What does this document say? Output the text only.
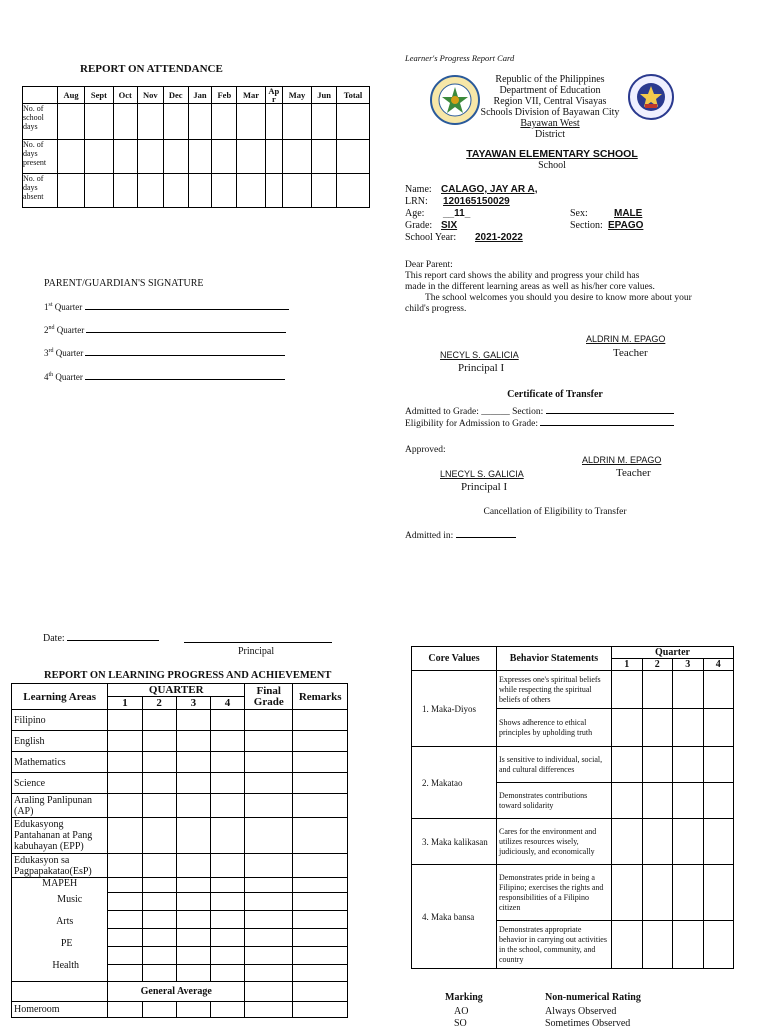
REPORT ON ATTENDANCE
	Aug	Sept	Oct	Nov	Dec	Jan	Feb	Mar	Ap r	May	Jun	Total
No. of school days												
No. of days present												
No. of days absent												
PARENT/GUARDIAN'S SIGNATURE
1st Quarter
2nd Quarter
3rd Quarter
4th Quarter
Learner's Progress Report Card
Republic of the Philippines
Department of Education
Region VII, Central Visayas
Schools Division of Bayawan City
Bayawan West
District
TAYAWAN ELEMENTARY SCHOOL
School
Name: CALAGO, JAY AR A,
LRN: 120165150029
Age: __11_
Grade: SIX
School Year: 2021-2022
Sex:	MALE
Section: EPAGO
Dear Parent:
This report card shows the ability and progress your child has
made in the different learning areas as well as his/her core values.
The school welcomes you should you desire to know more about your
child's progress.
ALDRIN M. EPAGO
Teacher
NECYL S. GALICIA
Principal I
Certificate of Transfer
Admitted to Grade: ______ Section:
Eligibility for Admission to Grade:
Approved:
ALDRIN M. EPAGO
Teacher
LNECYL S. GALICIA
Principal I
Cancellation of Eligibility to Transfer
Admitted in:
Date:
Principal
REPORT ON LEARNING PROGRESS AND ACHIEVEMENT
Learning Areas	QUARTER				Final Grade	Remarks
	1	2	3	4		
Filipino						
English						
Mathematics						
Science						
Araling Panlipunan (AP)						
Edukasyong Pantahanan at Pang kabuhayan (EPP)						
Edukasyon sa Pagpapakatao(EsP)						

MAPEH
Music
Arts
PE
Health						

	General Average					
Homeroom						
Core Values	Behavior Statements	Quarter			
		1	2	3	4
1. Maka-Diyos	Expresses one's spiritual beliefs while respecting the spiritual beliefs of others				
	Shows adherence to ethical principles by upholding truth				
2. Makatao	Is sensitive to individual, social, and cultural differences				
	Demonstrates contributions toward solidarity				
3. Maka kalikasan	Cares for the environment and utilizes resources wisely, judiciously, and economically				
4. Maka bansa	Demonstrates pride in being a Filipino; exercises the rights and responsibilities of a Filipino citizen				
	Demonstrates appropriate behavior in carrying out activities in the school, community, and country				
Marking	Non-numerical Rating
AO	Always Observed
SO	Sometimes Observed
